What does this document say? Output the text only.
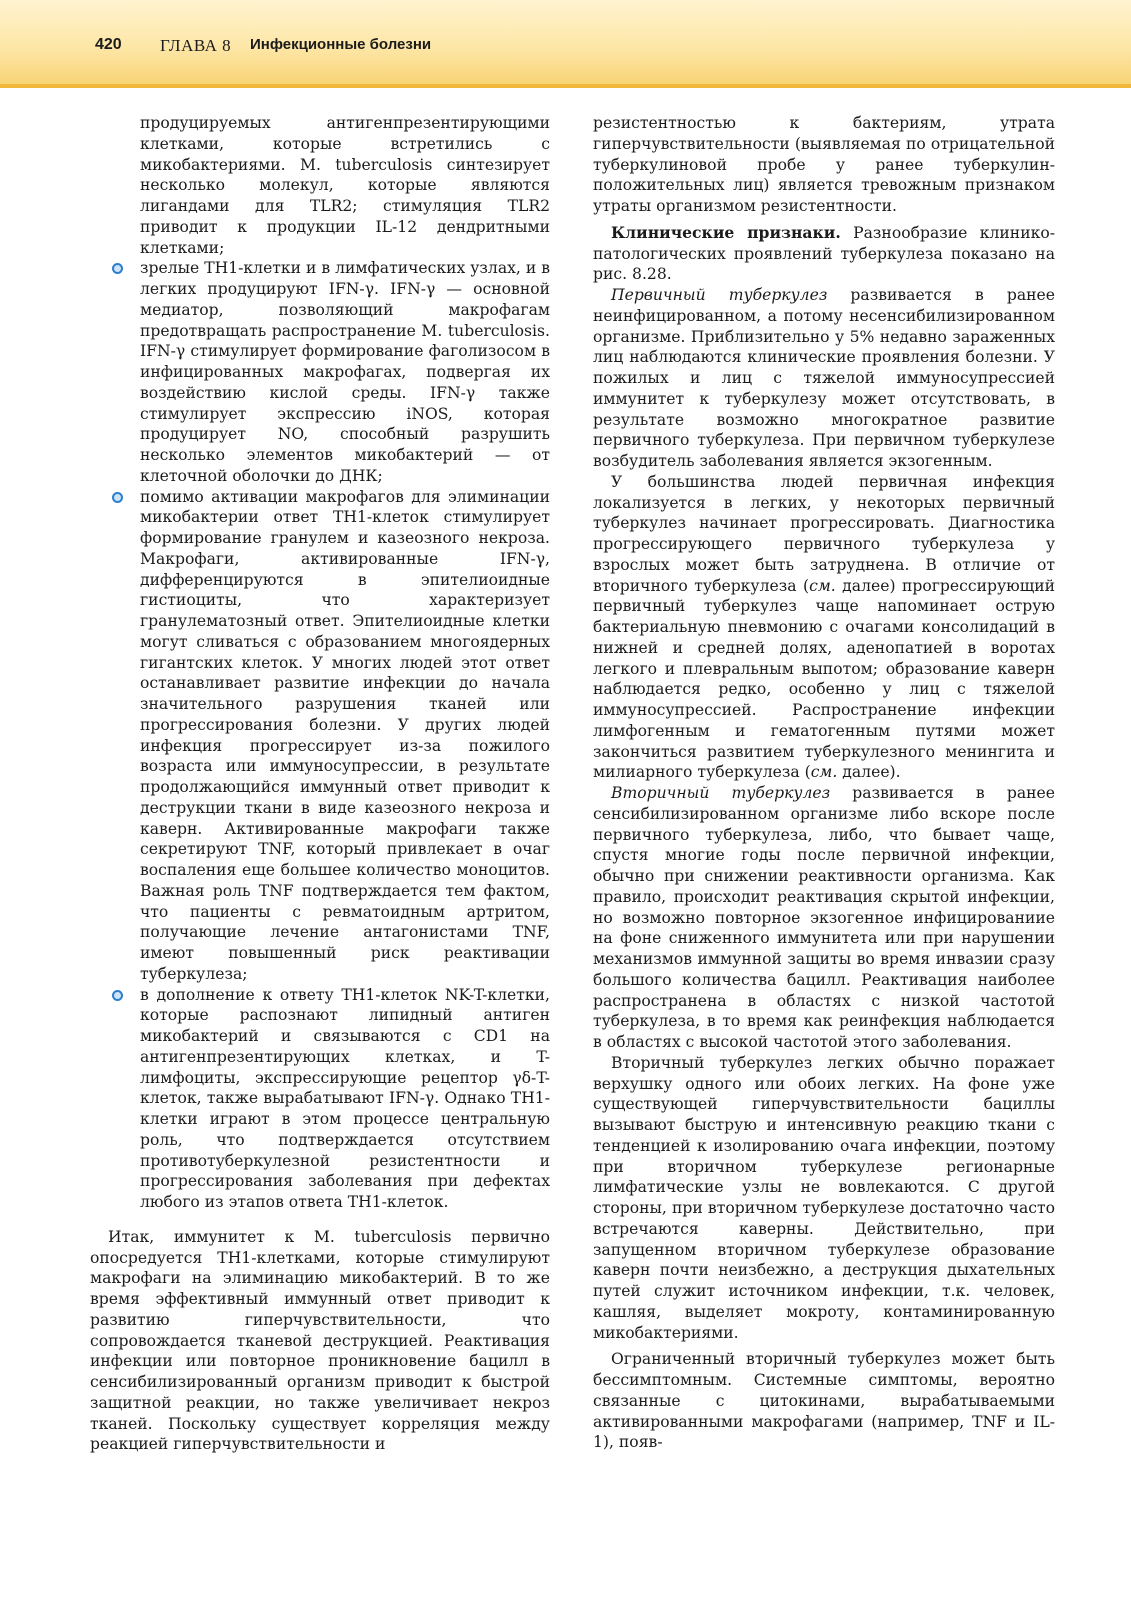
420 ГЛАВА 8 Инфекционные болезни

продуцируемых антигенпрезентирующими клетками, которые встретились с микобактериями. M. tuberculosis синтезирует несколько молекул, которые являются лигандами для TLR2; стимуляция TLR2 приводит к продукции IL-12 дендритными клетками;

зрелые TH1-клетки и в лимфатических узлах, и в легких продуцируют IFN-γ. IFN-γ — основной медиатор, позволяющий макрофагам предотвращать распространение M. tuberculosis. IFN-γ стимулирует формирование фаголизосом в инфицированных макрофагах, подвергая их воздействию кислой среды. IFN-γ также стимулирует экспрессию iNOS, которая продуцирует NO, способный разрушить несколько элементов микобактерий — от клеточной оболочки до ДНК;
помимо активации макрофагов для элиминации микобактерии ответ TH1-клеток стимулирует формирование гранулем и казеозного некроза. Макрофаги, активированные IFN-γ, дифференцируются в эпителиоидные гистиоциты, что характеризует гранулематозный ответ. Эпителиоидные клетки могут сливаться с образованием многоядерных гигантских клеток. У многих людей этот ответ останавливает развитие инфекции до начала значительного разрушения тканей или прогрессирования болезни. У других людей инфекция прогрессирует из-за пожилого возраста или иммуносупрессии, в результате продолжающийся иммунный ответ приводит к деструкции ткани в виде казеозного некроза и каверн. Активированные макрофаги также секретируют TNF, который привлекает в очаг воспаления еще большее количество моноцитов. Важная роль TNF подтверждается тем фактом, что пациенты с ревматоидным артритом, получающие лечение антагонистами TNF, имеют повышенный риск реактивации туберкулеза;
в дополнение к ответу TH1-клеток NK-T-клетки, которые распознают липидный антиген микобактерий и связываются с CD1 на антигенпрезентирующих клетках, и T-лимфоциты, экспрессирующие рецептор γδ-T-клеток, также вырабатывают IFN-γ. Однако TH1-клетки играют в этом процессе центральную роль, что подтверждается отсутствием противотуберкулезной резистентности и прогрессирования заболевания при дефектах любого из этапов ответа TH1-клеток.

Итак, иммунитет к M. tuberculosis первично опосредуется TH1-клетками, которые стимулируют макрофаги на элиминацию микобактерий. В то же время эффективный иммунный ответ приводит к развитию гиперчувствительности, что сопровождается тканевой деструкцией. Реактивация инфекции или повторное проникновение бацилл в сенсибилизированный организм приводит к быстрой защитной реакции, но также увеличивает некроз тканей. Поскольку существует корреляция между реакцией гиперчувствительности и

резистентностью к бактериям, утрата гиперчувствительности (выявляемая по отрицательной туберкулиновой пробе у ранее туберкулин-положительных лиц) является тревожным признаком утраты организмом резистентности.

Клинические признаки. Разнообразие клинико-патологических проявлений туберкулеза показано на рис. 8.28.

Первичный туберкулез развивается в ранее неинфицированном, а потому несенсибилизированном организме. Приблизительно у 5% недавно зараженных лиц наблюдаются клинические проявления болезни. У пожилых и лиц с тяжелой иммуносупрессией иммунитет к туберкулезу может отсутствовать, в результате возможно многократное развитие первичного туберкулеза. При первичном туберкулезе возбудитель заболевания является экзогенным.

У большинства людей первичная инфекция локализуется в легких, у некоторых первичный туберкулез начинает прогрессировать. Диагностика прогрессирующего первичного туберкулеза у взрослых может быть затруднена. В отличие от вторичного туберкулеза (см. далее) прогрессирующий первичный туберкулез чаще напоминает острую бактериальную пневмонию с очагами консолидаций в нижней и средней долях, аденопатией в воротах легкого и плевральным выпотом; образование каверн наблюдается редко, особенно у лиц с тяжелой иммуносупрессией. Распространение инфекции лимфогенным и гематогенным путями может закончиться развитием туберкулезного менингита и милиарного туберкулеза (см. далее).

Вторичный туберкулез развивается в ранее сенсибилизированном организме либо вскоре после первичного туберкулеза, либо, что бывает чаще, спустя многие годы после первичной инфекции, обычно при снижении реактивности организма. Как правило, происходит реактивация скрытой инфекции, но возможно повторное экзогенное инфицированиие на фоне сниженного иммунитета или при нарушении механизмов иммунной защиты во время инвазии сразу большого количества бацилл. Реактивация наиболее распространена в областях с низкой частотой туберкулеза, в то время как реинфекция наблюдается в областях с высокой частотой этого заболевания.

Вторичный туберкулез легких обычно поражает верхушку одного или обоих легких. На фоне уже существующей гиперчувствительности бациллы вызывают быструю и интенсивную реакцию ткани с тенденцией к изолированию очага инфекции, поэтому при вторичном туберкулезе регионарные лимфатические узлы не вовлекаются. С другой стороны, при вторичном туберкулезе достаточно часто встречаются каверны. Действительно, при запущенном вторичном туберкулезе образование каверн почти неизбежно, а деструкция дыхательных путей служит источником инфекции, т.к. человек, кашляя, выделяет мокроту, контаминированную микобактериями.

Ограниченный вторичный туберкулез может быть бессимптомным. Системные симптомы, вероятно связанные с цитокинами, вырабатываемыми активированными макрофагами (например, TNF и IL-1), появ-
